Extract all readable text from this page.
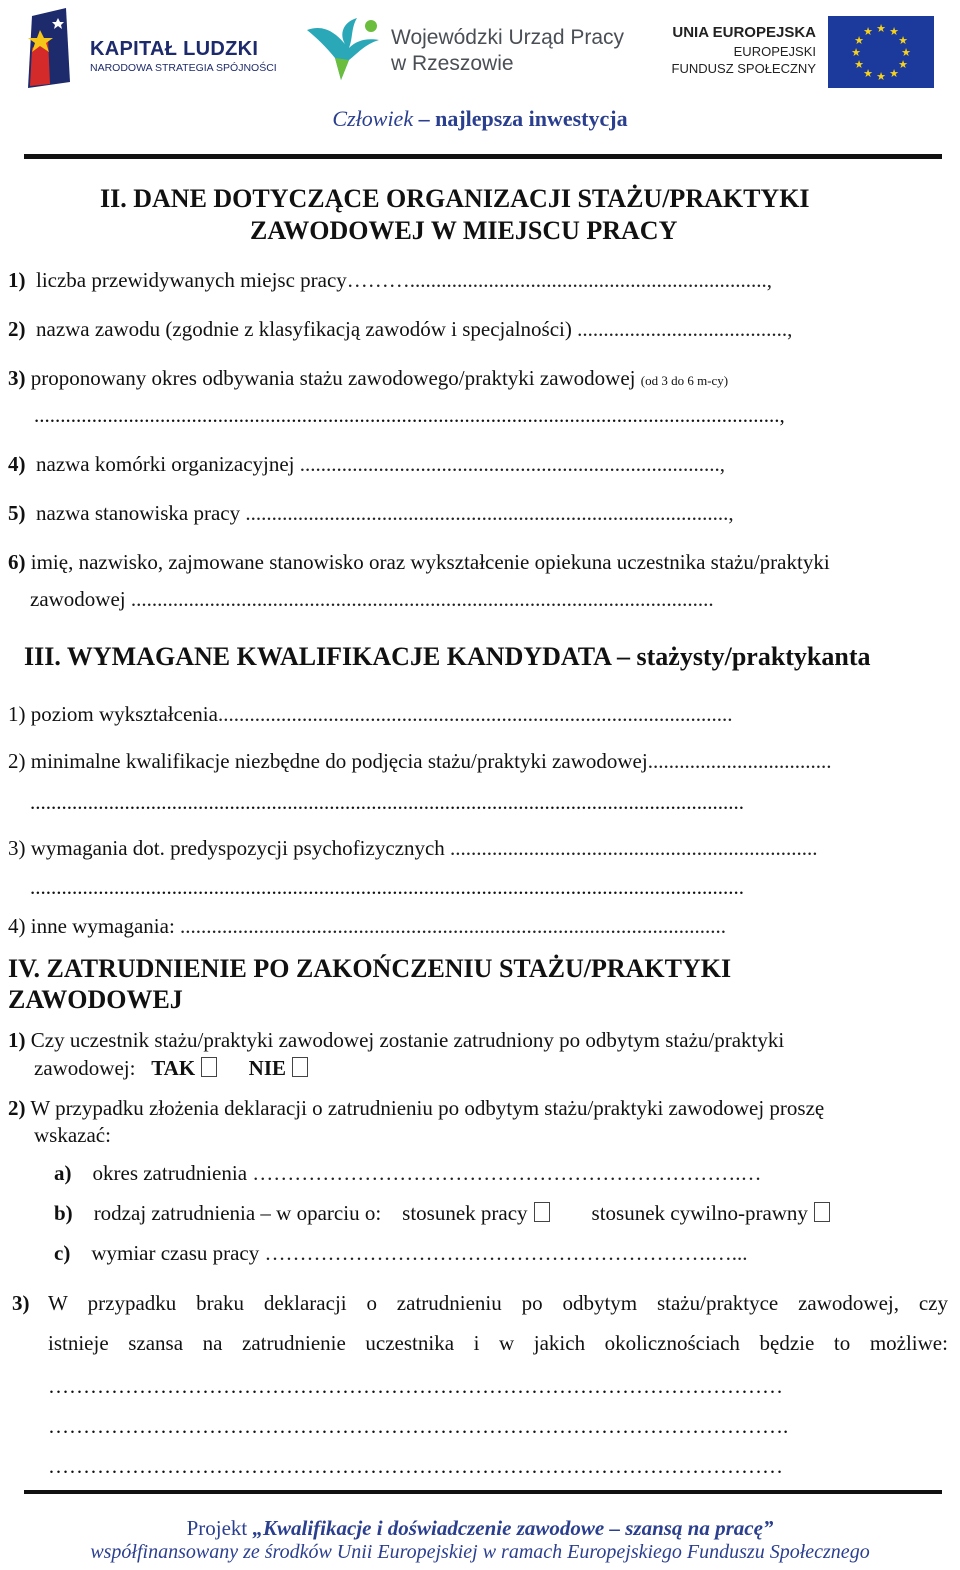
KAPITAŁ LUDZKI
NARODOWA STRATEGIA SPÓJNOŚCI
Wojewódzki Urząd Pracy
w Rzeszowie
UNIA EUROPEJSKA
EUROPEJSKI
FUNDUSZ SPOŁECZNY
★ ★
★
★
★
★
★
★
★
★
★
★
Człowiek – najlepsza inwestycja
II. DANE DOTYCZĄCE ORGANIZACJI STAŻU/PRAKTYKI
ZAWODOWEJ W MIEJSCU PRACY
1) liczba przewidywanych miejsc pracy………....................................................................,
2) nazwa zawodu (zgodnie z klasyfikacją zawodów i specjalności) ........................................,
3) proponowany okres odbywania stażu zawodowego/praktyki zawodowej (od 3 do 6 m-cy)
..............................................................................................................................................,
4) nazwa komórki organizacyjnej ................................................................................,
5) nazwa stanowiska pracy ............................................................................................,
6) imię, nazwisko, zajmowane stanowisko oraz wykształcenie opiekuna uczestnika stażu/praktyki
zawodowej ...............................................................................................................
III. WYMAGANE KWALIFIKACJE KANDYDATA – stażysty/praktykanta
1) poziom wykształcenia..................................................................................................
2) minimalne kwalifikacje niezbędne do podjęcia stażu/praktyki zawodowej...................................
........................................................................................................................................
3) wymagania dot. predyspozycji psychofizycznych ......................................................................
........................................................................................................................................
4) inne wymagania: ........................................................................................................
IV. ZATRUDNIENIE PO ZAKOŃCZENIU STAŻU/PRAKTYKI
ZAWODOWEJ
1) Czy uczestnik stażu/praktyki zawodowej zostanie zatrudniony po odbytym stażu/praktyki
zawodowej: TAK	NIE
2) W przypadku złożenia deklaracji o zatrudnieniu po odbytym stażu/praktyki zawodowej proszę
wskazać:
a) okres zatrudnienia …………………………………………………………….…
b) rodzaj zatrudnienia – w oparciu o: stosunek pracy	stosunek cywilno-prawny
c) wymiar czasu pracy ……………………………………………………….…...
3) W przypadku braku deklaracji o zatrudnieniu po odbytym stażu/praktyce zawodowej, czy
istnieje szansa na zatrudnienie uczestnika i w jakich okolicznościach będzie to możliwe:
……………………………………………………………………………………………
…………………………………………………………………………………………….
……………………………………………………………………………………………
Projekt „Kwalifikacje i doświadczenie zawodowe – szansą na pracę”
współfinansowany ze środków Unii Europejskiej w ramach Europejskiego Funduszu Społecznego
